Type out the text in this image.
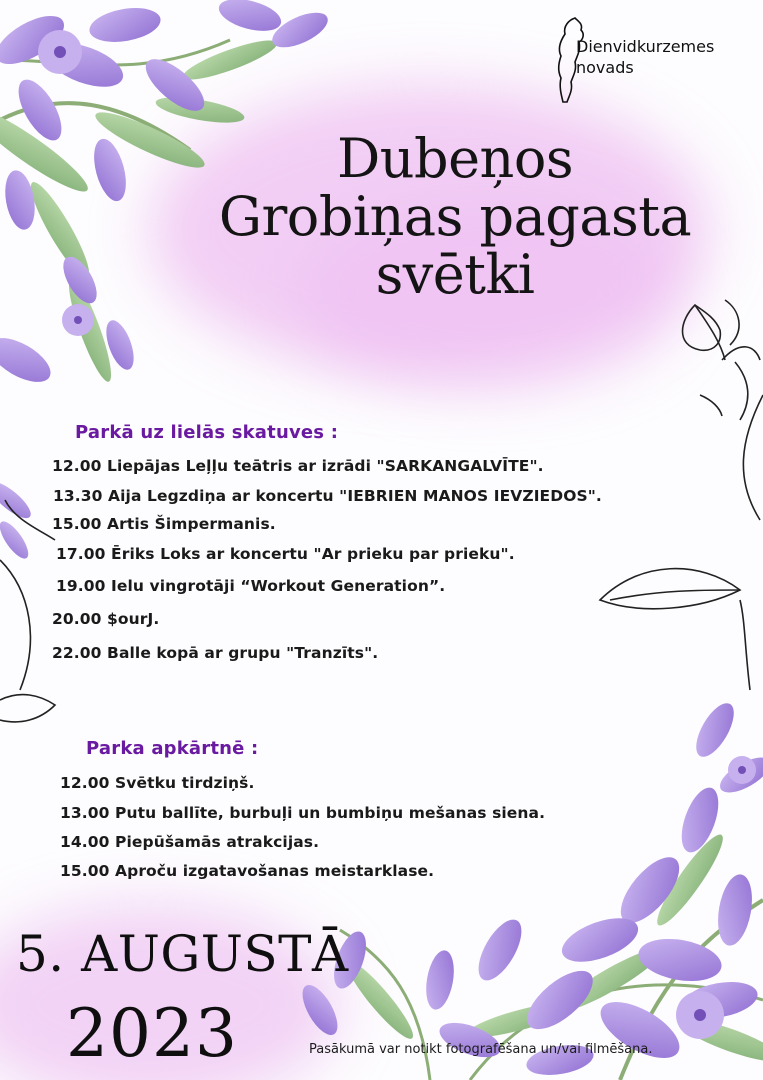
Dienvidkurzemes
novads
Dubeņos
Grobiņas pagasta
svētki
Parkā uz lielās skatuves :
12.00 Liepājas Leļļu teātris ar izrādi "SARKANGALVĪTE".
13.30 Aija Legzdiņa ar koncertu "IEBRIEN MANOS IEVZIEDOS".
15.00 Artis Šimpermanis.
17.00 Ēriks Loks ar koncertu "Ar prieku par prieku".
19.00 Ielu vingrotāji “Workout Generation”.
20.00 $ourJ.
22.00 Balle kopā ar grupu "Tranzīts".
Parka apkārtnē :
12.00 Svētku tirdziņš.
13.00 Putu ballīte, burbuļi un bumbiņu mešanas siena.
14.00 Piepūšamās atrakcijas.
15.00 Aproču izgatavošanas meistarklase.
5. AUGUSTĀ
2023	Pasākumā var notikt fotografēšana un/vai filmēšana.
